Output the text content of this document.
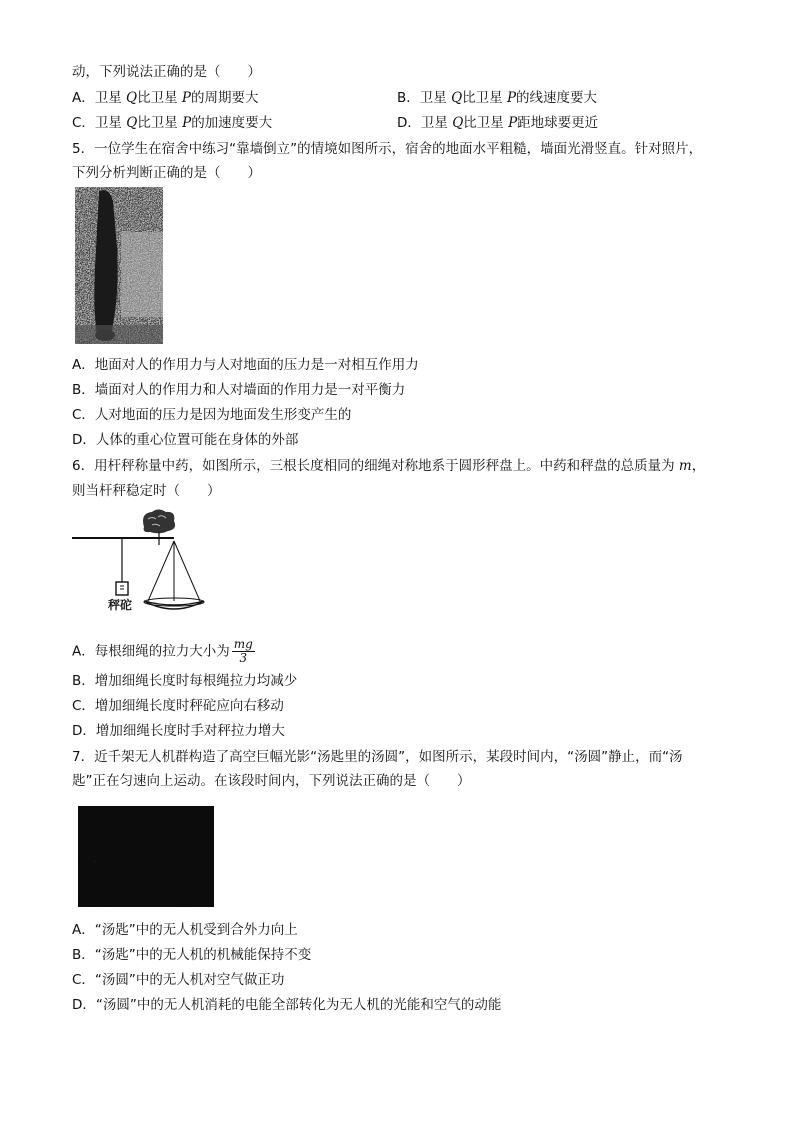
动，下列说法正确的是（　　）
A．卫星 Q比卫星 P的周期要大	B．卫星 Q比卫星 P的线速度要大
C．卫星 Q比卫星 P的加速度要大	D．卫星 Q比卫星 P距地球要更近
5．一位学生在宿舍中练习“靠墙倒立”的情境如图所示，宿舍的地面水平粗糙，墙面光滑竖直。针对照片，
下列分析判断正确的是（　　）
A．地面对人的作用力与人对地面的压力是一对相互作用力
B．墙面对人的作用力和人对墙面的作用力是一对平衡力
C．人对地面的压力是因为地面发生形变产生的
D．人体的重心位置可能在身体的外部
6．用杆秤称量中药，如图所示，三根长度相同的细绳对称地系于圆形秤盘上。中药和秤盘的总质量为 m，
则当杆秤稳定时（　　）
秤砣
A．每根细绳的拉力大小为 $\frac{mg}{3}$
B．增加细绳长度时每根绳拉力均减少
C．增加细绳长度时秤砣应向右移动
D．增加细绳长度时手对秤拉力增大
7．近千架无人机群构造了高空巨幅光影“汤匙里的汤圆”，如图所示，某段时间内，“汤圆”静止，而“汤
匙”正在匀速向上运动。在该段时间内，下列说法正确的是（　　）
A．“汤匙”中的无人机受到合外力向上
B．“汤匙”中的无人机的机械能保持不变
C．“汤圆”中的无人机对空气做正功
D．“汤圆”中的无人机消耗的电能全部转化为无人机的光能和空气的动能
